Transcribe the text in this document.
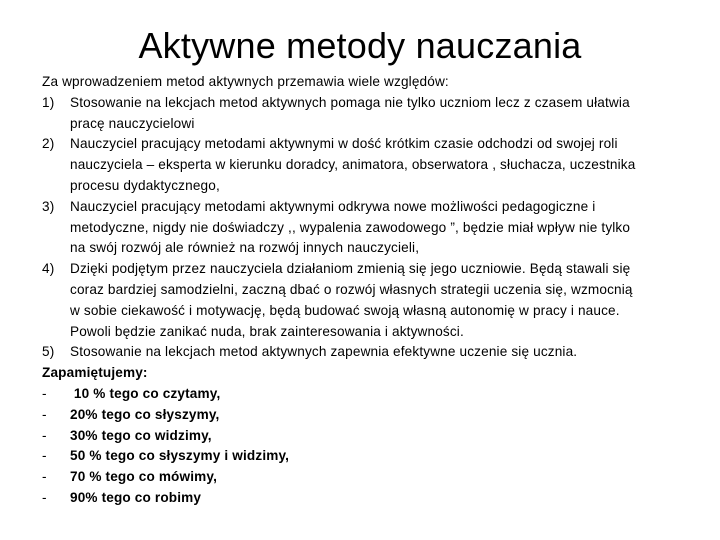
Aktywne metody nauczania

Za wprowadzeniem metod aktywnych przemawia wiele względów:

1)	Stosowanie na lekcjach metod aktywnych pomaga nie tylko uczniom lecz z czasem ułatwia
pracę nauczycielowi
2)	Nauczyciel pracujący metodami aktywnymi w dość krótkim czasie odchodzi od swojej roli
nauczyciela – eksperta w kierunku doradcy, animatora, obserwatora , słuchacza, uczestnika
procesu dydaktycznego,
3)	Nauczyciel pracujący metodami aktywnymi odkrywa nowe możliwości pedagogiczne i
metodyczne, nigdy nie doświadczy ,, wypalenia zawodowego ”, będzie miał wpływ nie tylko
na swój rozwój ale również na rozwój innych nauczycieli,
4)	Dzięki podjętym przez nauczyciela działaniom zmienią się jego uczniowie. Będą stawali się
coraz bardziej samodzielni, zaczną dbać o rozwój własnych strategii uczenia się, wzmocnią
w sobie ciekawość i motywację, będą budować swoją własną autonomię w pracy i nauce.
Powoli będzie zanikać nuda, brak zainteresowania i aktywności.
5)	Stosowanie na lekcjach metod aktywnych zapewnia efektywne uczenie się ucznia.

Zapamiętujemy:

-	10 % tego co czytamy,
-	20% tego co słyszymy,
-	30% tego co widzimy,
-	50 % tego co słyszymy i widzimy,
-	70 % tego co mówimy,
-	90% tego co robimy
